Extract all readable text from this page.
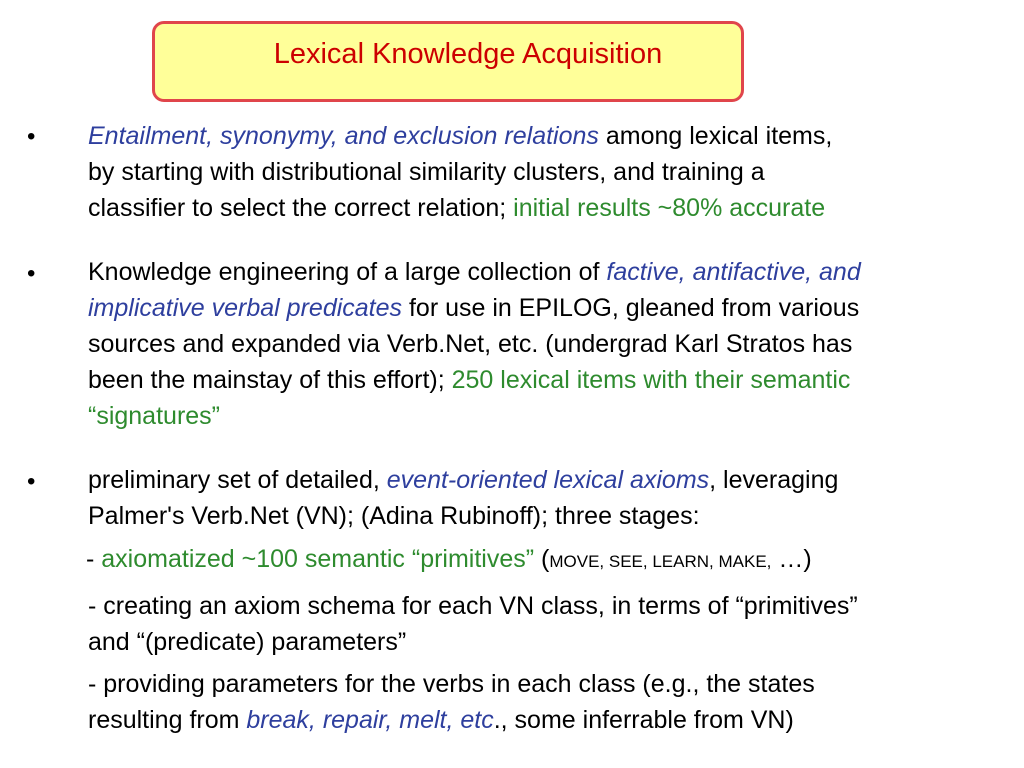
Lexical Knowledge Acquisition
• Entailment, synonymy, and exclusion relations among lexical items,
by starting with distributional similarity clusters, and training a
classifier to select the correct relation; initial results ~80% accurate
• Knowledge engineering of a large collection of factive, antifactive, and
implicative verbal predicates for use in EPILOG, gleaned from various
sources and expanded via Verb.Net, etc. (undergrad Karl Stratos has
been the mainstay of this effort); 250 lexical items with their semantic
“signatures”
• preliminary set of detailed, event-oriented lexical axioms, leveraging
Palmer's Verb.Net (VN); (Adina Rubinoff); three stages:
- axiomatized ~100 semantic “primitives” (MOVE, SEE, LEARN, MAKE, …)
- creating an axiom schema for each VN class, in terms of “primitives”
and “(predicate) parameters”
- providing parameters for the verbs in each class (e.g., the states
resulting from break, repair, melt, etc., some inferrable from VN)
